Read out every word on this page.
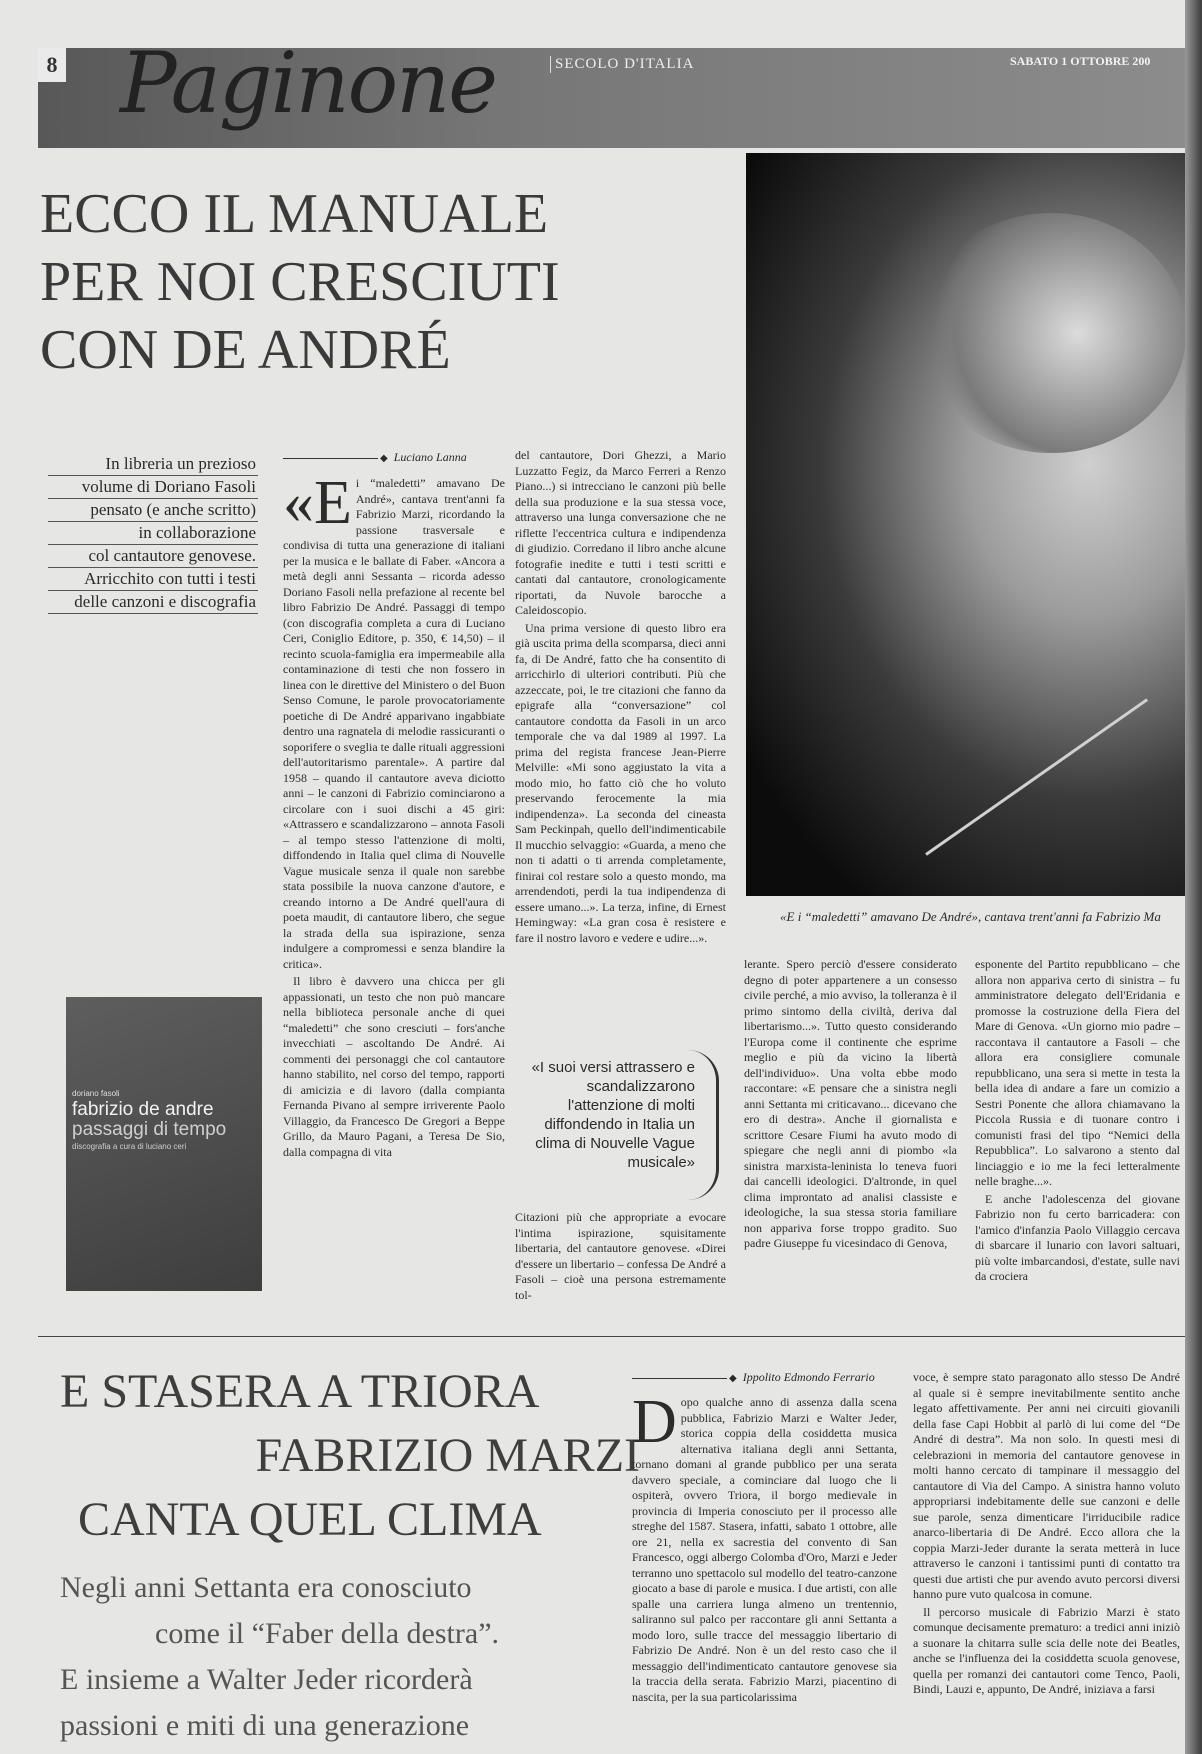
8 Paginone	SECOLO D'ITALIA	SABATO 1 OTTOBRE 200
ECCO IL MANUALE
PER NOI CRESCIUTI
CON DE ANDRÉ
«E i “maledetti” amavano De André», cantava trent'anni fa Fabrizio Ma
In libreria un prezioso
volume di Doriano Fasoli
pensato (e anche scritto)
in collaborazione
col cantautore genovese.
Arricchito con tutti i testi
delle canzoni e discografia
doriano fasoli
fabrizio de andre
passaggi di tempo
discografia a cura di luciano ceri
◆ Luciano Lanna

«Ei “maledetti” amavano De André», cantava trent'anni fa Fabrizio Marzi, ricordando la passione trasversale e condivisa di tutta una generazione di italiani per la musica e le ballate di Faber. «Ancora a metà degli anni Sessanta – ricorda adesso Doriano Fasoli nella prefazione al recente bel libro Fabrizio De André. Passaggi di tempo (con discografia completa a cura di Luciano Ceri, Coniglio Editore, p. 350, € 14,50) – il recinto scuola-famiglia era impermeabile alla contaminazione di testi che non fossero in linea con le direttive del Ministero o del Buon Senso Comune, le parole provocatoriamente poetiche di De André apparivano ingabbiate dentro una ragnatela di melodie rassicuranti o soporifere o sveglia te dalle rituali aggressioni dell'autoritarismo parentale». A partire dal 1958 – quando il cantautore aveva diciotto anni – le canzoni di Fabrizio cominciarono a circolare con i suoi dischi a 45 giri: «Attrassero e scandalizzarono – annota Fasoli – al tempo stesso l'attenzione di molti, diffondendo in Italia quel clima di Nouvelle Vague musicale senza il quale non sarebbe stata possibile la nuova canzone d'autore, e creando intorno a De André quell'aura di poeta maudit, di cantautore libero, che segue la strada della sua ispirazione, senza indulgere a compromessi e senza blandire la critica».

Il libro è davvero una chicca per gli appassionati, un testo che non può mancare nella biblioteca personale anche di quei “maledetti” che sono cresciuti – fors'anche invecchiati – ascoltando De André. Ai commenti dei personaggi che col cantautore hanno stabilito, nel corso del tempo, rapporti di amicizia e di lavoro (dalla compianta Fernanda Pivano al sempre irriverente Paolo Villaggio, da Francesco De Gregori a Beppe Grillo, da Mauro Pagani, a Teresa De Sio, dalla compagna di vita

del cantautore, Dori Ghezzi, a Mario Luzzatto Fegiz, da Marco Ferreri a Renzo Piano...) si intrecciano le canzoni più belle della sua produzione e la sua stessa voce, attraverso una lunga conversazione che ne riflette l'eccentrica cultura e indipendenza di giudizio. Corredano il libro anche alcune fotografie inedite e tutti i testi scritti e cantati dal cantautore, cronologicamente riportati, da Nuvole barocche a Caleidoscopio.

Una prima versione di questo libro era già uscita prima della scomparsa, dieci anni fa, di De André, fatto che ha consentito di arricchirlo di ulteriori contributi. Più che azzeccate, poi, le tre citazioni che fanno da epigrafe alla “conversazione” col cantautore condotta da Fasoli in un arco temporale che va dal 1989 al 1997. La prima del regista francese Jean-Pierre Melville: «Mi sono aggiustato la vita a modo mio, ho fatto ciò che ho voluto preservando ferocemente la mia indipendenza». La seconda del cineasta Sam Peckinpah, quello dell'indimenticabile Il mucchio selvaggio: «Guarda, a meno che non ti adatti o ti arrenda completamente, finirai col restare solo a questo mondo, ma arrendendoti, perdi la tua indipendenza di essere umano...». La terza, infine, di Ernest Hemingway: «La gran cosa è resistere e fare il nostro lavoro e vedere e udire...».

«I suoi versi attrassero e scandalizzarono l'attenzione di molti diffondendo in Italia un clima di Nouvelle Vague musicale»

Citazioni più che appropriate a evocare l'intima ispirazione, squisitamente libertaria, del cantautore genovese. «Direi d'essere un libertario – confessa De André a Fasoli – cioè una persona estremamente tol-

lerante. Spero perciò d'essere considerato degno di poter appartenere a un consesso civile perché, a mio avviso, la tolleranza è il primo sintomo della civiltà, deriva dal libertarismo...». Tutto questo considerando l'Europa come il continente che esprime meglio e più da vicino la libertà dell'individuo». Una volta ebbe modo raccontare: «E pensare che a sinistra negli anni Settanta mi criticavano... dicevano che ero di destra». Anche il giornalista e scrittore Cesare Fiumi ha avuto modo di spiegare che negli anni di piombo «la sinistra marxista-leninista lo teneva fuori dai cancelli ideologici. D'altronde, in quel clima improntato ad analisi classiste e ideologiche, la sua stessa storia familiare non appariva forse troppo gradito. Suo padre Giuseppe fu vicesindaco di Genova,

esponente del Partito repubblicano – che allora non appariva certo di sinistra – fu amministratore delegato dell'Eridania e promosse la costruzione della Fiera del Mare di Genova. «Un giorno mio padre – raccontava il cantautore a Fasoli – che allora era consigliere comunale repubblicano, una sera si mette in testa la bella idea di andare a fare un comizio a Sestri Ponente che allora chiamavano la Piccola Russia e di tuonare contro i comunisti frasi del tipo “Nemici della Repubblica”. Lo salvarono a stento dal linciaggio e io me la feci letteralmente nelle braghe...».

E anche l'adolescenza del giovane Fabrizio non fu certo barricadera: con l'amico d'infanzia Paolo Villaggio cercava di sbarcare il lunario con lavori saltuari, più volte imbarcandosi, d'estate, sulle navi da crociera

E STASERA A TRIORA
FABRIZIO MARZI
CANTA QUEL CLIMA
Negli anni Settanta era conosciuto
come il “Faber della destra”.
E insieme a Walter Jeder ricorderà
passioni e miti di una generazione
◆ Ippolito Edmondo Ferrario

Dopo qualche anno di assenza dalla scena pubblica, Fabrizio Marzi e Walter Jeder, storica coppia della cosiddetta musica alternativa italiana degli anni Settanta, tornano domani al grande pubblico per una serata davvero speciale, a cominciare dal luogo che li ospiterà, ovvero Triora, il borgo medievale in provincia di Imperia conosciuto per il processo alle streghe del 1587. Stasera, infatti, sabato 1 ottobre, alle ore 21, nella ex sacrestia del convento di San Francesco, oggi albergo Colomba d'Oro, Marzi e Jeder terranno uno spettacolo sul modello del teatro-canzone giocato a base di parole e musica. I due artisti, con alle spalle una carriera lunga almeno un trentennio, saliranno sul palco per raccontare gli anni Settanta a modo loro, sulle tracce del messaggio libertario di Fabrizio De André. Non è un del resto caso che il messaggio dell'indimenticato cantautore genovese sia la traccia della serata. Fabrizio Marzi, piacentino di nascita, per la sua particolarissima

voce, è sempre stato paragonato allo stesso De André al quale si è sempre inevitabilmente sentito anche legato affettivamente. Per anni nei circuiti giovanili della fase Capi Hobbit al parlò di lui come del “De André di destra”. Ma non solo. In questi mesi di celebrazioni in memoria del cantautore genovese in molti hanno cercato di tampinare il messaggio del cantautore di Via del Campo. A sinistra hanno voluto appropriarsi indebitamente delle sue canzoni e delle sue parole, senza dimenticare l'irriducibile radice anarco-libertaria di De André. Ecco allora che la coppia Marzi-Jeder durante la serata metterà in luce attraverso le canzoni i tantissimi punti di contatto tra questi due artisti che pur avendo avuto percorsi diversi hanno pure vuto qualcosa in comune.

Il percorso musicale di Fabrizio Marzi è stato comunque decisamente prematuro: a tredici anni iniziò a suonare la chitarra sulle scia delle note dei Beatles, anche se l'influenza dei la cosiddetta scuola genovese, quella per romanzi dei cantautori come Tenco, Paoli, Bindi, Lauzi e, appunto, De André, iniziava a farsi
